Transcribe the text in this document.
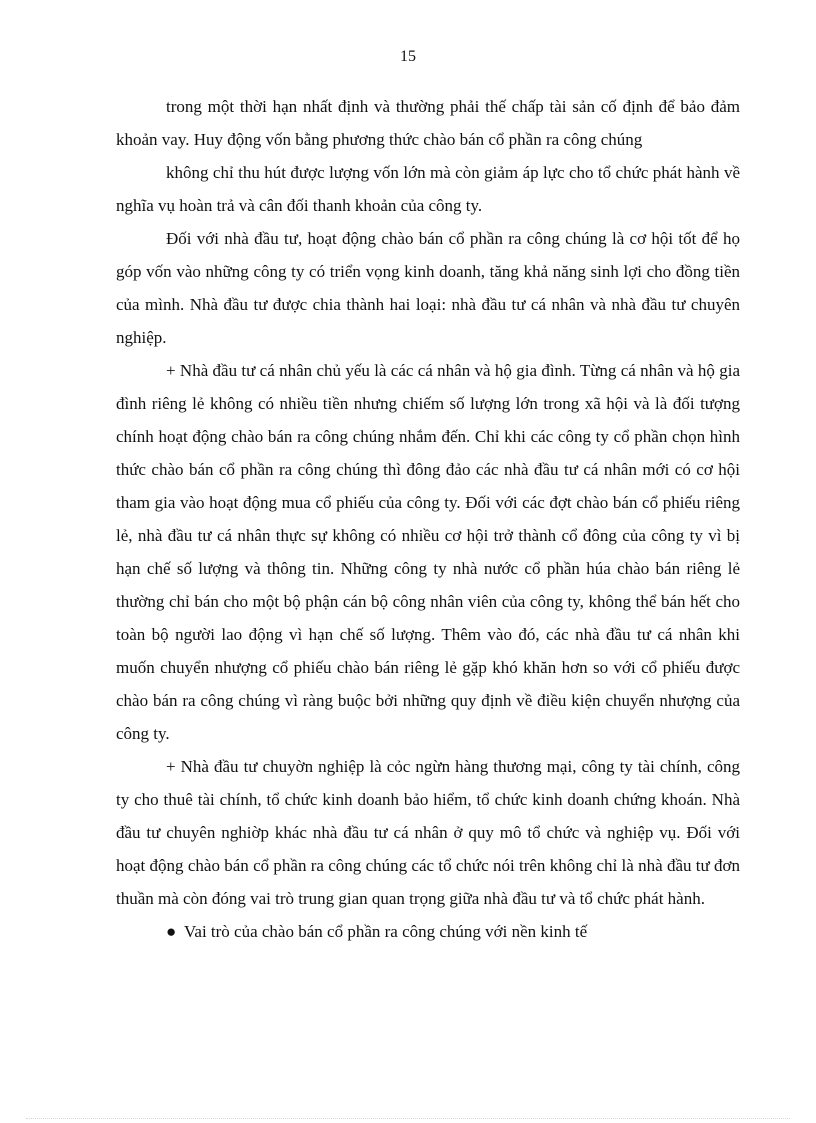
15

trong một thời hạn nhất định và thường phải thế chấp tài sản cố định để bảo đảm khoản vay. Huy động vốn bằng phương thức chào bán cổ phần ra công chúng

không chỉ thu hút được lượng vốn lớn mà còn giảm áp lực cho tổ chức phát hành về nghĩa vụ hoàn trả và cân đối thanh khoản của công ty.

Đối với nhà đầu tư, hoạt động chào bán cổ phần ra công chúng là cơ hội tốt để họ góp vốn vào những công ty có triển vọng kinh doanh, tăng khả năng sinh lợi cho đồng tiền của mình. Nhà đầu tư được chia thành hai loại: nhà đầu tư cá nhân và nhà đầu tư chuyên nghiệp.

+ Nhà đầu tư cá nhân chủ yếu là các cá nhân và hộ gia đình. Từng cá nhân và hộ gia đình riêng lẻ không có nhiều tiền nhưng chiếm số lượng lớn trong xã hội và là đối tượng chính hoạt động chào bán ra công chúng nhắm đến. Chỉ khi các công ty cổ phần chọn hình thức chào bán cổ phần ra công chúng thì đông đảo các nhà đầu tư cá nhân mới có cơ hội tham gia vào hoạt động mua cổ phiếu của công ty. Đối với các đợt chào bán cổ phiếu riêng lẻ, nhà đầu tư cá nhân thực sự không có nhiều cơ hội trở thành cổ đông của công ty vì bị hạn chế số lượng và thông tin. Những công ty nhà nước cổ phần húa chào bán riêng lẻ thường chỉ bán cho một bộ phận cán bộ công nhân viên của công ty, không thể bán hết cho toàn bộ người lao động vì hạn chế số lượng. Thêm vào đó, các nhà đầu tư cá nhân khi muốn chuyển nhượng cổ phiếu chào bán riêng lẻ gặp khó khăn hơn so với cổ phiếu được chào bán ra công chúng vì ràng buộc bởi những quy định về điều kiện chuyển nhượng của công ty.

+ Nhà đầu tư chuyờn nghiệp là cỏc ngừn hàng thương mại, công ty tài chính, công ty cho thuê tài chính, tổ chức kinh doanh bảo hiểm, tổ chức kinh doanh chứng khoán. Nhà đầu tư chuyên nghiờp khác nhà đầu tư cá nhân ở quy mô tổ chức và nghiệp vụ. Đối với hoạt động chào bán cổ phần ra công chúng các tổ chức nói trên không chỉ là nhà đầu tư đơn thuần mà còn đóng vai trò trung gian quan trọng giữa nhà đầu tư và tổ chức phát hành.

● Vai trò của chào bán cổ phần ra công chúng với nền kinh tế
